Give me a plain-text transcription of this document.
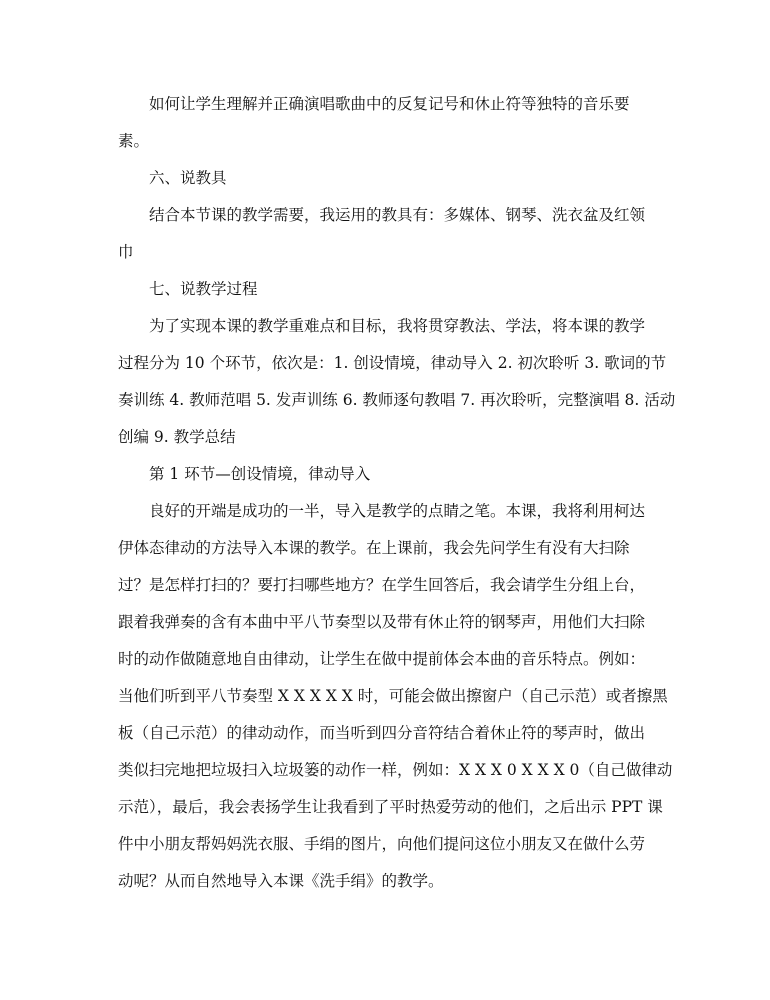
如何让学生理解并正确演唱歌曲中的反复记号和休止符等独特的音乐要
素。
六、说教具
结合本节课的教学需要，我运用的教具有：多媒体、钢琴、洗衣盆及红领
巾
七、说教学过程
为了实现本课的教学重难点和目标，我将贯穿教法、学法，将本课的教学
过程分为 10 个环节，依次是：1. 创设情境，律动导入 2. 初次聆听 3. 歌词的节
奏训练 4. 教师范唱 5. 发声训练 6. 教师逐句教唱 7. 再次聆听，完整演唱 8. 活动
创编 9. 教学总结
第 1 环节—创设情境，律动导入
良好的开端是成功的一半，导入是教学的点睛之笔。本课，我将利用柯达
伊体态律动的方法导入本课的教学。在上课前，我会先问学生有没有大扫除
过？是怎样打扫的？要打扫哪些地方？在学生回答后，我会请学生分组上台，
跟着我弹奏的含有本曲中平八节奏型以及带有休止符的钢琴声，用他们大扫除
时的动作做随意地自由律动，让学生在做中提前体会本曲的音乐特点。例如：
当他们听到平八节奏型 X X X X X 时，可能会做出擦窗户（自己示范）或者擦黑
板（自己示范）的律动动作，而当听到四分音符结合着休止符的琴声时，做出
类似扫完地把垃圾扫入垃圾篓的动作一样，例如：X X X 0 X X X 0（自己做律动
示范），最后，我会表扬学生让我看到了平时热爱劳动的他们，之后出示 PPT 课
件中小朋友帮妈妈洗衣服、手绢的图片，向他们提问这位小朋友又在做什么劳
动呢？从而自然地导入本课《洗手绢》的教学。
